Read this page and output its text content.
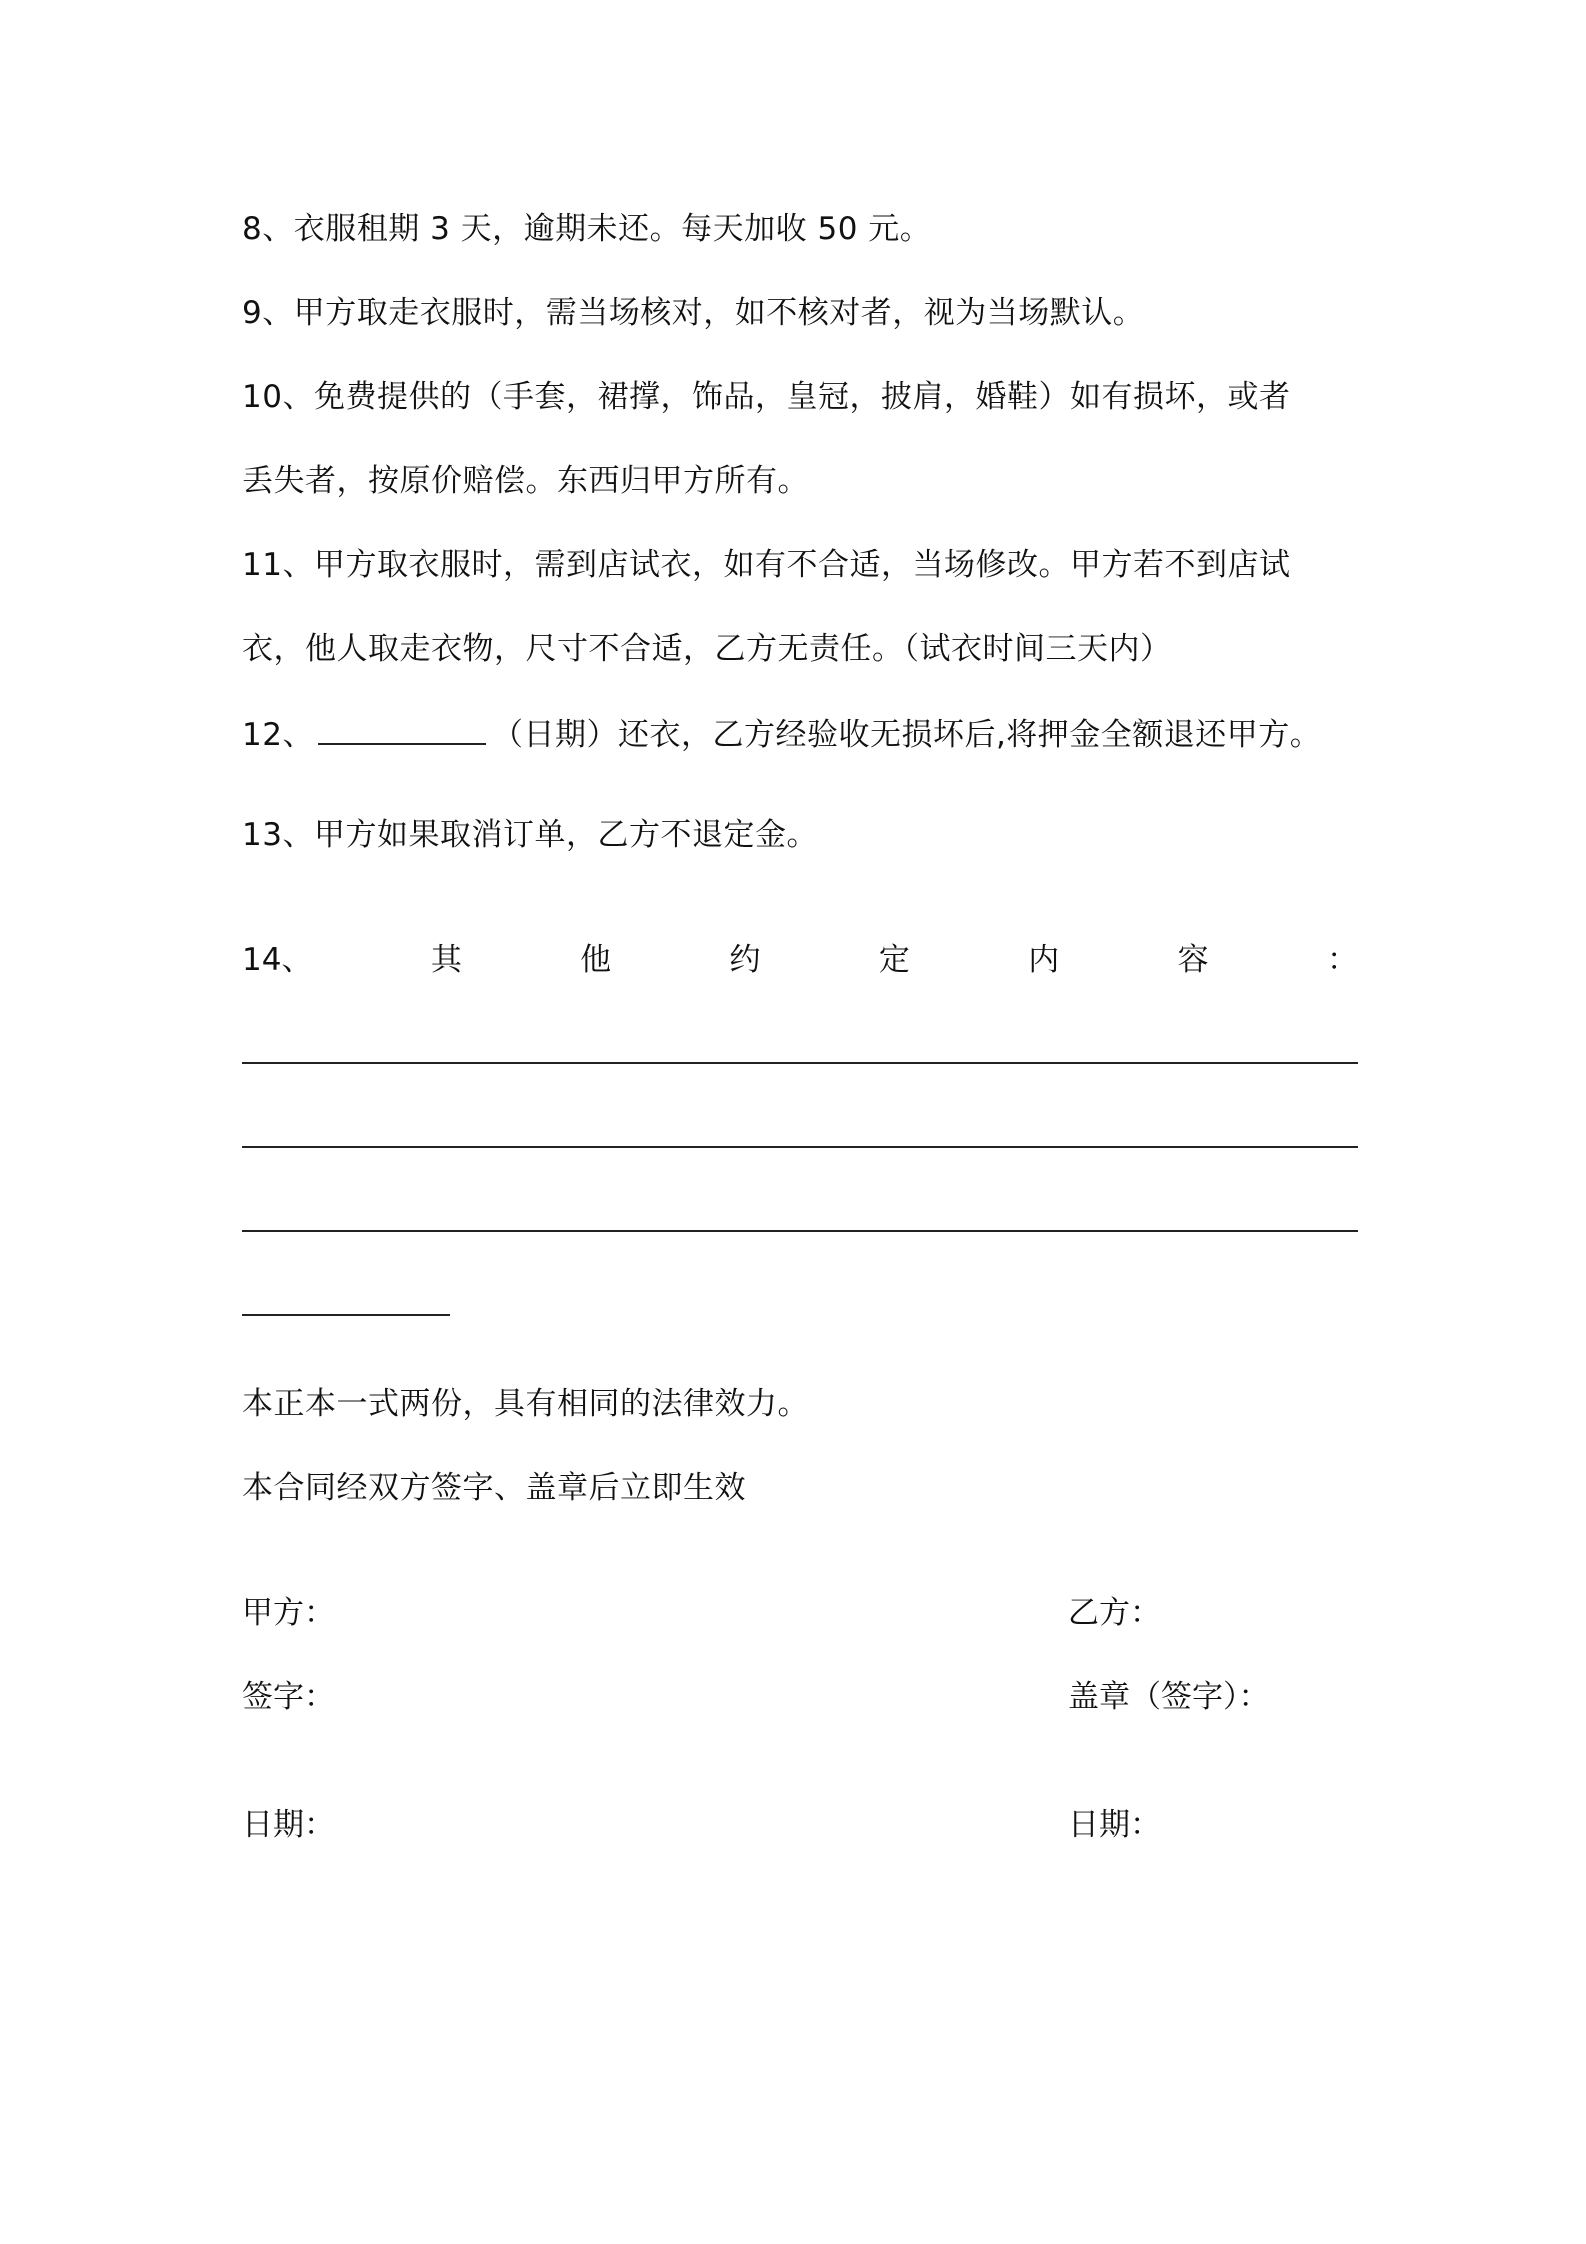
8、衣服租期 3 天，逾期未还。每天加收 50 元。
9、甲方取走衣服时，需当场核对，如不核对者，视为当场默认。
10、免费提供的（手套，裙撑，饰品，皇冠，披肩，婚鞋）如有损坏，或者
丢失者，按原价赔偿。东西归甲方所有。
11、甲方取衣服时，需到店试衣，如有不合适，当场修改。甲方若不到店试
衣，他人取走衣物，尺寸不合适，乙方无责任。（试衣时间三天内）
12、	（日期）还衣，乙方经验收无损坏后,将押金全额退还甲方。
13、甲方如果取消订单，乙方不退定金。
14、	其	他	约	定	内	容	：
本正本一式两份，具有相同的法律效力。
本合同经双方签字、盖章后立即生效
甲方：	乙方：
签字：	盖章（签字）：
日期：	日期：
